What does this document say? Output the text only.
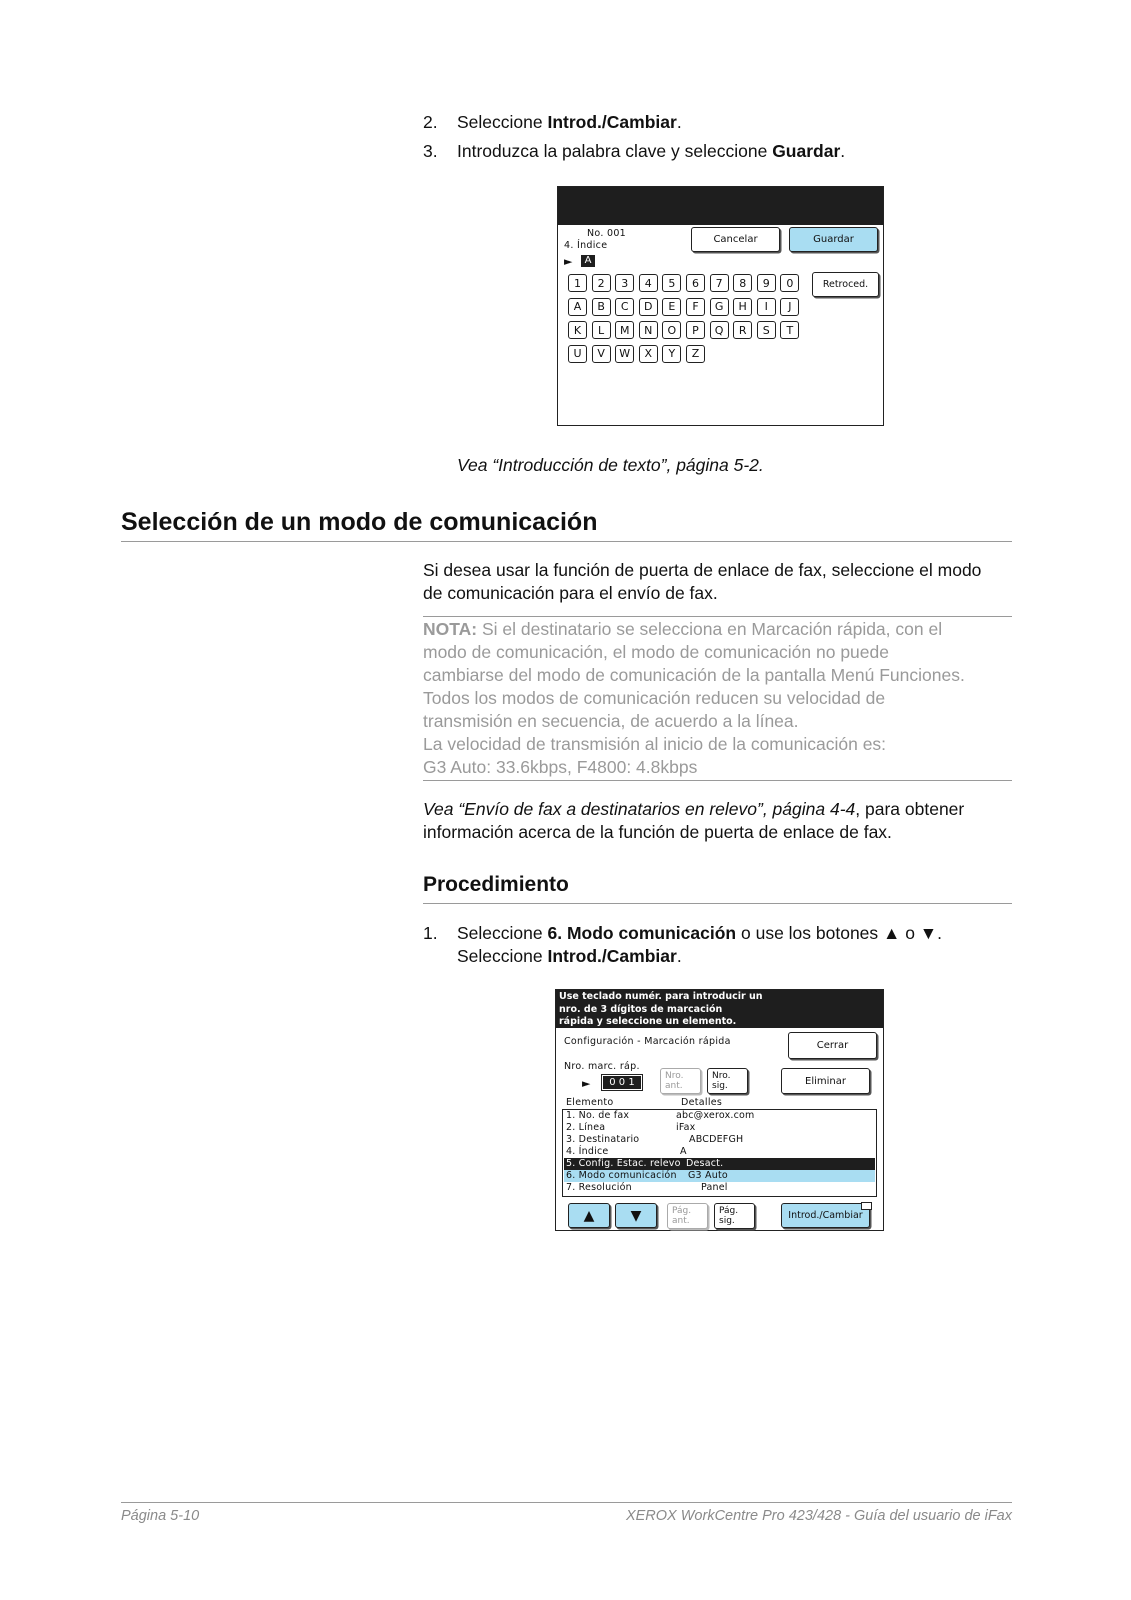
2. Seleccione Introd./Cambiar.
3. Introduzca la palabra clave y seleccione Guardar.
No. 001
4. Índice
Cancelar	Guardar
►	A
1	2	3	4	5	6	7	8	9	0
A	B	C	D	E	F	G	H	I	J
K	L	M	N	O	P	Q	R	S	T
U	V	W	X	Y	Z
Retroced.
Vea “Introducción de texto”, página 5-2.
Selección de un modo de comunicación
Si desea usar la función de puerta de enlace de fax, seleccione el modo de comunicación para el envío de fax.
NOTA: Si el destinatario se selecciona en Marcación rápida, con el
modo de comunicación, el modo de comunicación no puede
cambiarse del modo de comunicación de la pantalla Menú Funciones.
Todos los modos de comunicación reducen su velocidad de
transmisión en secuencia, de acuerdo a la línea.
La velocidad de transmisión al inicio de la comunicación es:
G3 Auto: 33.6kbps, F4800: 4.8kbps
Vea “Envío de fax a destinatarios en relevo”, página 4-4, para obtener
información acerca de la función de puerta de enlace de fax.
Procedimiento
1. Seleccione 6. Modo comunicación o use los botones ▲ o ▼.
Seleccione Introd./Cambiar.
Use teclado numér. para introducir un
nro. de 3 dígitos de marcación
rápida y seleccione un elemento.
Configuración - Marcación rápida	Cerrar
Nro. marc. ráp.
►	0 0 1
Nro.
ant.
Nro.
sig.	Eliminar
Elemento	Detalles
1. No. de fax	abc@xerox.com
2. Línea	iFax
3. Destinatario	ABCDEFGH
4. Índice	A
5. Config. Estac. relevo Desact.
6. Modo comunicación G3 Auto
7. Resolución	Panel
▲	▼	Pág.
ant.
Pág.
sig.	Introd./Cambiar
Página 5-10	XEROX WorkCentre Pro 423/428 - Guía del usuario de iFax
